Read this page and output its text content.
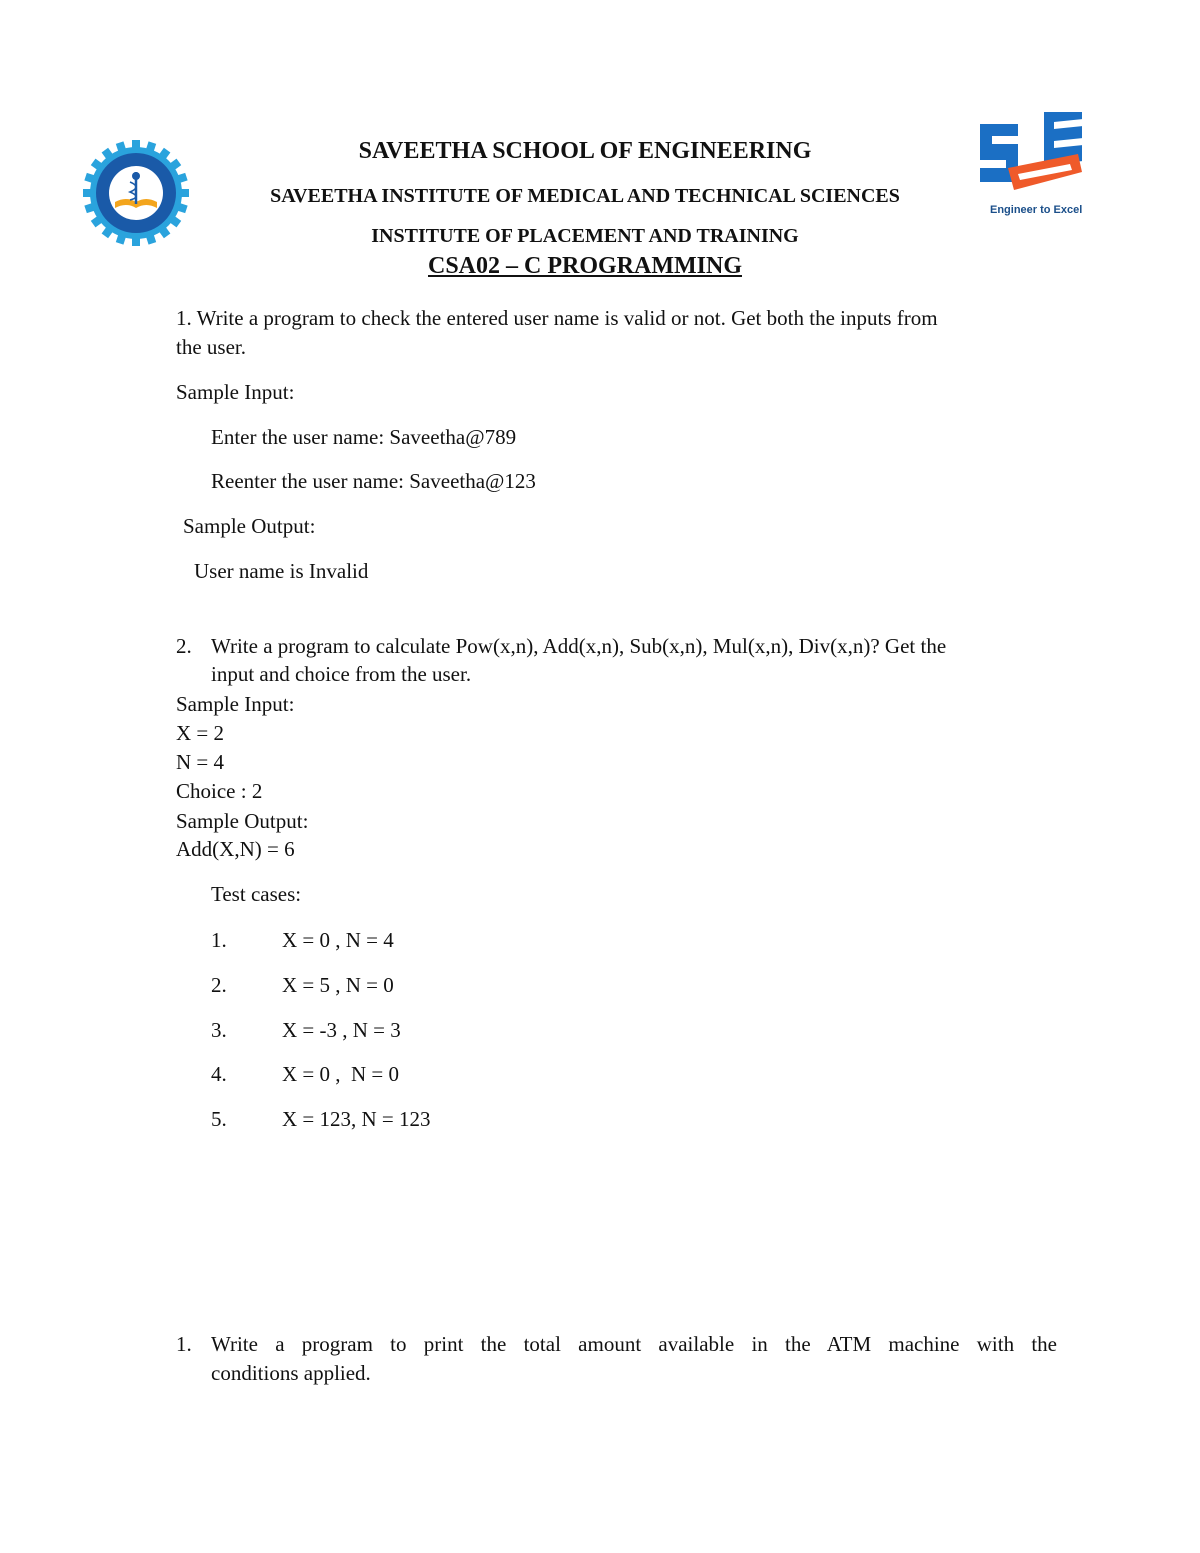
SAVEETHA SCHOOL OF ENGINEERING
SAVEETHA INSTITUTE OF MEDICAL AND TECHNICAL SCIENCES
INSTITUTE OF PLACEMENT AND TRAINING
CSA02 – C PROGRAMMING
Engineer to Excel
1. Write a program to check the entered user name is valid or not. Get both the inputs from
the user.
Sample Input:
Enter the user name: Saveetha@789
Reenter the user name: Saveetha@123
Sample Output:
User name is Invalid
2. Write a program to calculate Pow(x,n), Add(x,n), Sub(x,n), Mul(x,n), Div(x,n)? Get the
input and choice from the user.
Sample Input:
X = 2
N = 4
Choice : 2
Sample Output:
Add(X,N) = 6
Test cases:
1.	X = 0 , N = 4
2.	X = 5 , N = 0
3.	X = -3 , N = 3
4.	X = 0 ,  N = 0
5.	X = 123, N = 123
1. Write a program to print the total amount available in the ATM machine with the
conditions applied.
